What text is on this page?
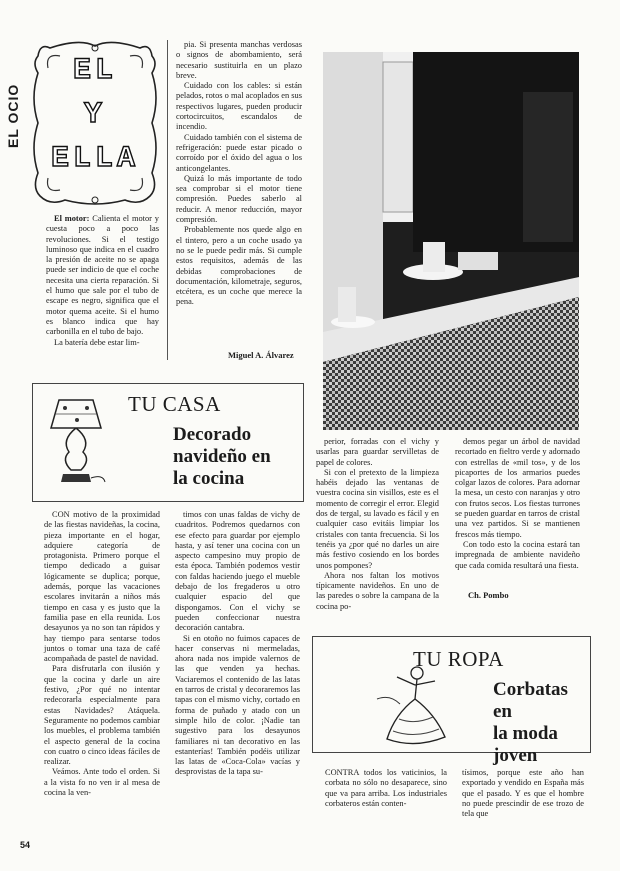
EL OCIO
EL
Y
ELLA

El motor: Calienta el motor y cuesta poco a poco las revoluciones. Si el testigo luminoso que indica en el cuadro la presión de aceite no se apaga puede ser indicio de que el coche necesita una cierta reparación. Si el humo que sale por el tubo de escape es negro, significa que el motor quema aceite. Si el humo es blanco indica que hay carbonilla en el tubo de bajo.

La batería debe estar lim-

pia. Si presenta manchas verdosas o signos de abombamiento, será necesario sustituirla en un plazo breve.

Cuidado con los cables: si están pelados, rotos o mal acoplados en sus respectivos lugares, pueden producir cortocircuitos, escandalos de incendio.

Cuidado también con el sistema de refrigeración: puede estar picado o corroído por el óxido del agua o los anticongelantes.

Quizá lo más importante de todo sea comprobar si el motor tiene compresión. Puedes saberlo al reducir. A menor reducción, mayor compresión.

Probablemente nos quede algo en el tintero, pero a un coche usado ya no se le puede pedir más. Si cumple estos requisitos, además de las debidas comprobaciones de documentación, kilometraje, seguros, etcétera, es un coche que merece la pena.

Miguel A. Álvarez
TU CASA
Decorado
navideño en
la cocina

CON motivo de la proximidad de las fiestas navideñas, la cocina, pieza importante en el hogar, adquiere categoría de protagonista. Primero porque el tiempo dedicado a guisar lógicamente se duplica; porque, además, porque las vacaciones escolares invitarán a niños más tiempo en casa y es justo que la familia pase en ella reunida. Los desayunos ya no son tan rápidos y hay tiempo para sentarse todos juntos o tomar una taza de café acompañada de pastel de navidad.

Para disfrutarla con ilusión y que la cocina y darle un aire festivo, ¿Por qué no intentar redecorarla especialmente para estas Navidades? Atáquela. Seguramente no podemos cambiar los muebles, el problema también el aspecto general de la cocina con cuatro o cinco ideas fáciles de realizar.

Veámos. Ante todo el orden. Si a la vista fo no ven ir al mesa de cocina la ven-

timos con unas faldas de vichy de cuadritos. Podremos quedarnos con ese efecto para guardar por ejemplo hasta, y así tener una cocina con un aspecto campesino muy propio de esta época. También podemos vestir con faldas haciendo juego el mueble debajo de los fregaderos u otro cualquier espacio del que dispongamos. Con el vichy se pueden confeccionar nuestra decoración cantabra.

Si en otoño no fuimos capaces de hacer conservas ni mermeladas, ahora nada nos impide valernos de las que venden ya hechas. Vaciaremos el contenido de las latas en tarros de cristal y decoraremos las tapas con el mismo vichy, cortado en forma de puñado y atado con un simple hilo de color. ¡Nadie tan sugestivo para los desayunos familiares ni tan decorativo en las estanterías! También podéis utilizar las latas de «Coca-Cola» vacías y desprovistas de la tapa su-

perior, forradas con el vichy y usarlas para guardar servilletas de papel de colores.

Si con el pretexto de la limpieza habéis dejado las ventanas de vuestra cocina sin visillos, este es el momento de corregir el error. Elegid dos de tergal, su lavado es fácil y en cualquier caso evitáis limpiar los cristales con tanta frecuencia. Si los tenéis ya ¿por qué no darles un aire más festivo cosiendo en los bordes unos pompones?

Ahora nos faltan los motivos típicamente navideños. En uno de las paredes o sobre la campana de la cocina po-

demos pegar un árbol de navidad recortado en fieltro verde y adornado con estrellas de «mil tos», y de los picaportes de los armarios puedes colgar lazos de colores. Para adornar la mesa, un cesto con naranjas y otro con frutos secos. Los fiestas turrones se pueden guardar en tarros de cristal una vez partidos. Si se mantienen frescos más tiempo.

Con todo esto la cocina estará tan impregnada de ambiente navideño que cada comida resultará una fiesta.

Ch. Pombo
TU ROPA
Corbatas en
la moda
joven
CONTRA todos los vaticinios, la corbata no sólo no desaparece, sino que va para arriba. Los industriales corbateros están conten-
tísimos, porque este año han exportado y vendido en España más que el pasado. Y es que el hombre no puede prescindir de ese trozo de tela que
54
